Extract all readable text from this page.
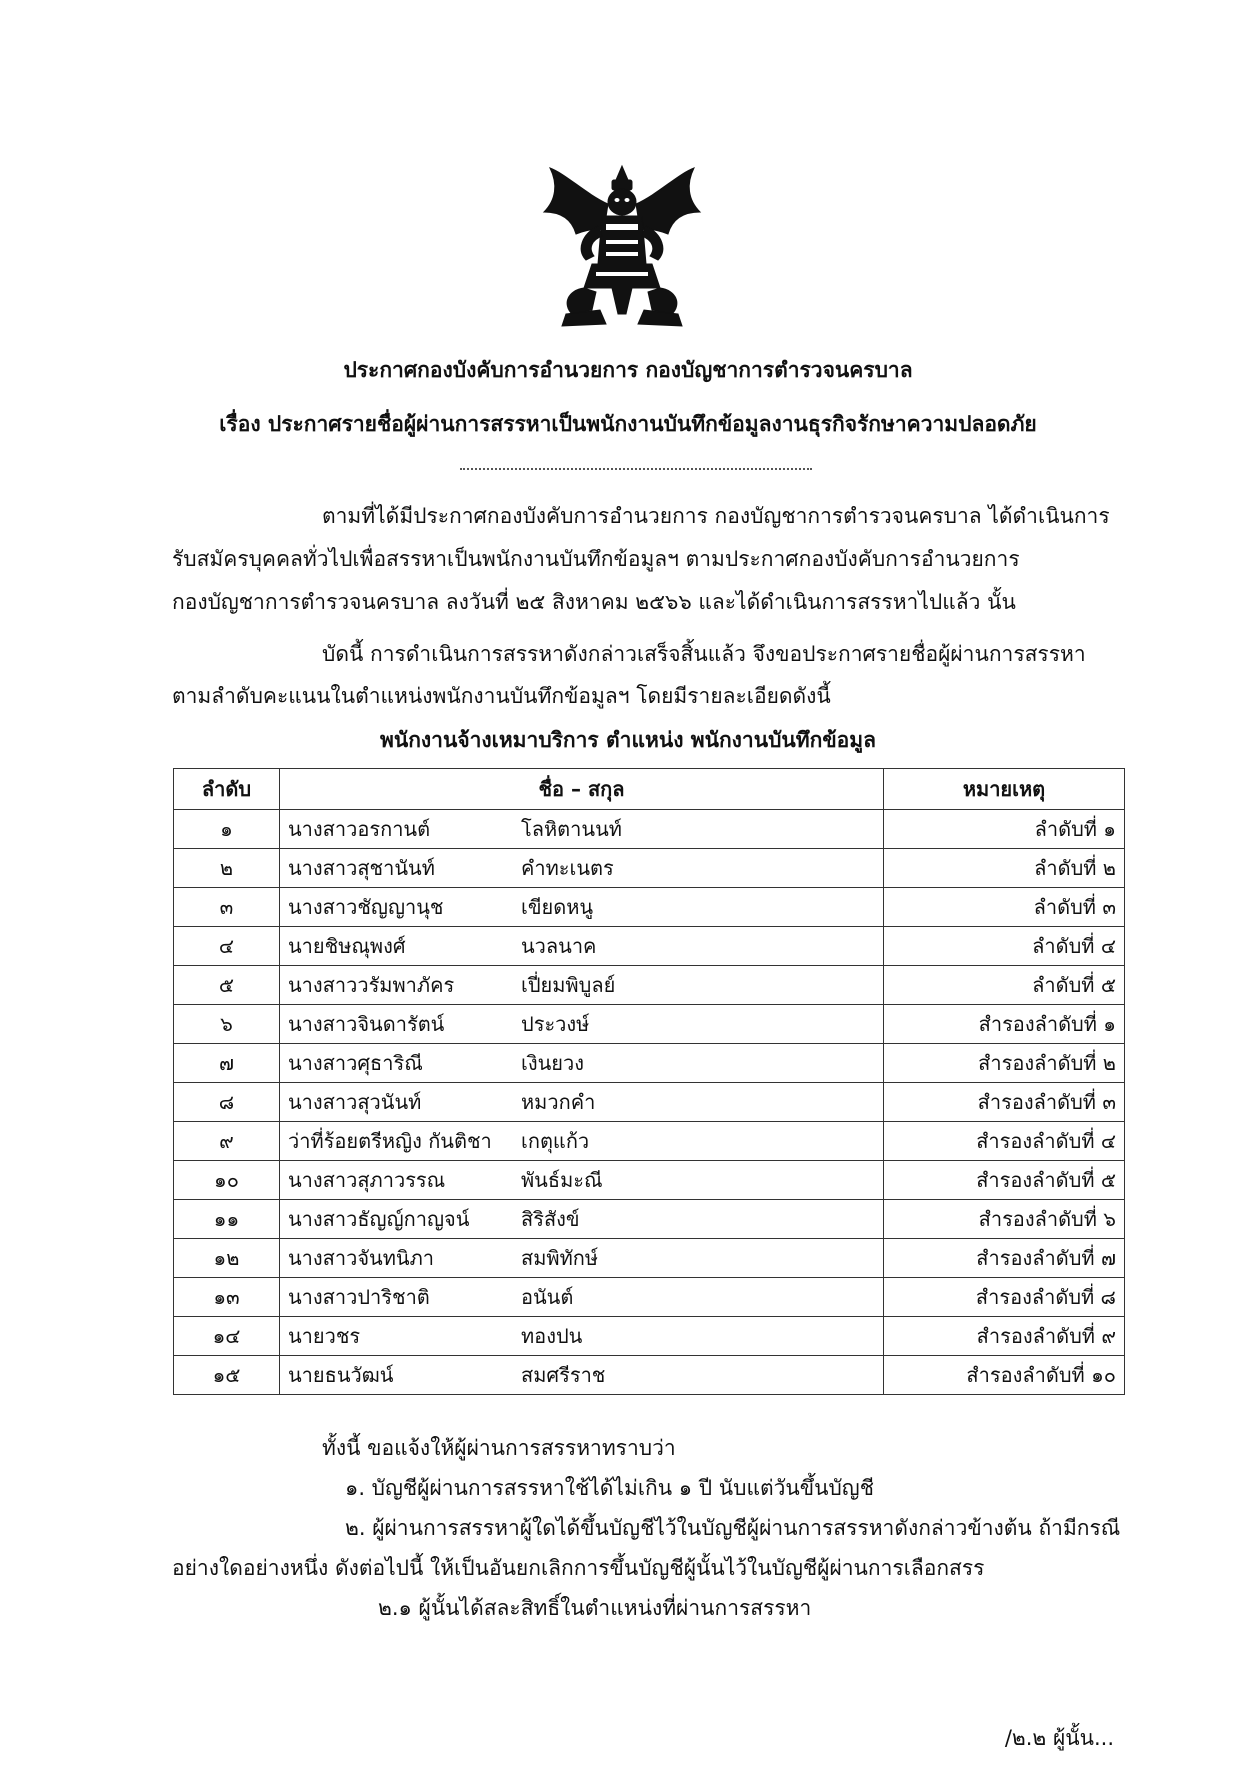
ประกาศกองบังคับการอำนวยการ กองบัญชาการตำรวจนครบาล
เรื่อง ประกาศรายชื่อผู้ผ่านการสรรหาเป็นพนักงานบันทึกข้อมูลงานธุรกิจรักษาความปลอดภัย
ตามที่ได้มีประกาศกองบังคับการอำนวยการ กองบัญชาการตำรวจนครบาล ได้ดำเนินการ
รับสมัครบุคคลทั่วไปเพื่อสรรหาเป็นพนักงานบันทึกข้อมูลฯ ตามประกาศกองบังคับการอำนวยการ
กองบัญชาการตำรวจนครบาล ลงวันที่ ๒๕ สิงหาคม ๒๕๖๖ และได้ดำเนินการสรรหาไปแล้ว นั้น
บัดนี้ การดำเนินการสรรหาดังกล่าวเสร็จสิ้นแล้ว จึงขอประกาศรายชื่อผู้ผ่านการสรรหา
ตามลำดับคะแนนในตำแหน่งพนักงานบันทึกข้อมูลฯ โดยมีรายละเอียดดังนี้
พนักงานจ้างเหมาบริการ ตำแหน่ง พนักงานบันทึกข้อมูล
ลำดับ	ชื่อ – สกุล	หมายเหตุ
๑	นางสาวอรกานต์ โลหิตานนท์	ลำดับที่ ๑
๒	นางสาวสุชานันท์ คำทะเนตร	ลำดับที่ ๒
๓	นางสาวชัญญานุช เขียดหนู	ลำดับที่ ๓
๔	นายชิษณุพงศ์ นวลนาค	ลำดับที่ ๔
๕	นางสาววรัมพาภัคร เปี่ยมพิบูลย์	ลำดับที่ ๕
๖	นางสาวจินดารัตน์ ประวงษ์	สำรองลำดับที่ ๑
๗	นางสาวศุธาริณี เงินยวง	สำรองลำดับที่ ๒
๘	นางสาวสุวนันท์ หมวกคำ	สำรองลำดับที่ ๓
๙	ว่าที่ร้อยตรีหญิง กันติชา เกตุแก้ว	สำรองลำดับที่ ๔
๑๐	นางสาวสุภาวรรณ พันธ์มะณี	สำรองลำดับที่ ๕
๑๑	นางสาวธัญญ์กาญจน์ สิริสังข์	สำรองลำดับที่ ๖
๑๒	นางสาวจันทนิภา สมพิทักษ์	สำรองลำดับที่ ๗
๑๓	นางสาวปาริชาติ อนันต์	สำรองลำดับที่ ๘
๑๔	นายวชร ทองปน	สำรองลำดับที่ ๙
๑๕	นายธนวัฒน์ สมศรีราช	สำรองลำดับที่ ๑๐
ทั้งนี้ ขอแจ้งให้ผู้ผ่านการสรรหาทราบว่า
๑. บัญชีผู้ผ่านการสรรหาใช้ได้ไม่เกิน ๑ ปี นับแต่วันขึ้นบัญชี
๒. ผู้ผ่านการสรรหาผู้ใดได้ขึ้นบัญชีไว้ในบัญชีผู้ผ่านการสรรหาดังกล่าวข้างต้น ถ้ามีกรณี
อย่างใดอย่างหนึ่ง ดังต่อไปนี้ ให้เป็นอันยกเลิกการขึ้นบัญชีผู้นั้นไว้ในบัญชีผู้ผ่านการเลือกสรร
๒.๑ ผู้นั้นได้สละสิทธิ์ในตำแหน่งที่ผ่านการสรรหา
/๒.๒ ผู้นั้น...
